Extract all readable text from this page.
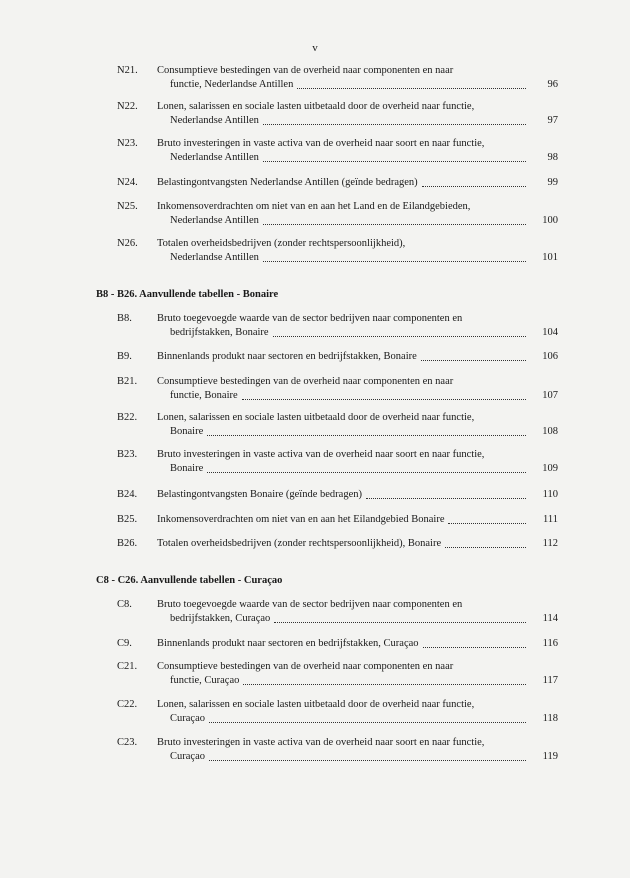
v
N21. Consumptieve bestedingen van de overheid naar componenten en naar
functie, Nederlandse Antillen	96
N22. Lonen, salarissen en sociale lasten uitbetaald door de overheid naar functie,
Nederlandse Antillen	97
N23. Bruto investeringen in vaste activa van de overheid naar soort en naar functie,
Nederlandse Antillen	98
N24. Belastingontvangsten Nederlandse Antillen (geïnde bedragen)	99
N25. Inkomensoverdrachten om niet van en aan het Land en de Eilandgebieden,
Nederlandse Antillen	100
N26. Totalen overheidsbedrijven (zonder rechtspersoonlijkheid),
Nederlandse Antillen	101
B8 - B26. Aanvullende tabellen - Bonaire
B8. Bruto toegevoegde waarde van de sector bedrijven naar componenten en
bedrijfstakken, Bonaire	104
B9. Binnenlands produkt naar sectoren en bedrijfstakken, Bonaire	106
B21. Consumptieve bestedingen van de overheid naar componenten en naar
functie, Bonaire	107
B22. Lonen, salarissen en sociale lasten uitbetaald door de overheid naar functie,
Bonaire	108
B23. Bruto investeringen in vaste activa van de overheid naar soort en naar functie,
Bonaire	109
B24. Belastingontvangsten Bonaire (geïnde bedragen)	110
B25. Inkomensoverdrachten om niet van en aan het Eilandgebied Bonaire	111
B26. Totalen overheidsbedrijven (zonder rechtspersoonlijkheid), Bonaire	112
C8 - C26. Aanvullende tabellen - Curaçao
C8. Bruto toegevoegde waarde van de sector bedrijven naar componenten en
bedrijfstakken, Curaçao	114
C9. Binnenlands produkt naar sectoren en bedrijfstakken, Curaçao	116
C21. Consumptieve bestedingen van de overheid naar componenten en naar
functie, Curaçao	117
C22. Lonen, salarissen en sociale lasten uitbetaald door de overheid naar functie,
Curaçao	118
C23. Bruto investeringen in vaste activa van de overheid naar soort en naar functie,
Curaçao	119
